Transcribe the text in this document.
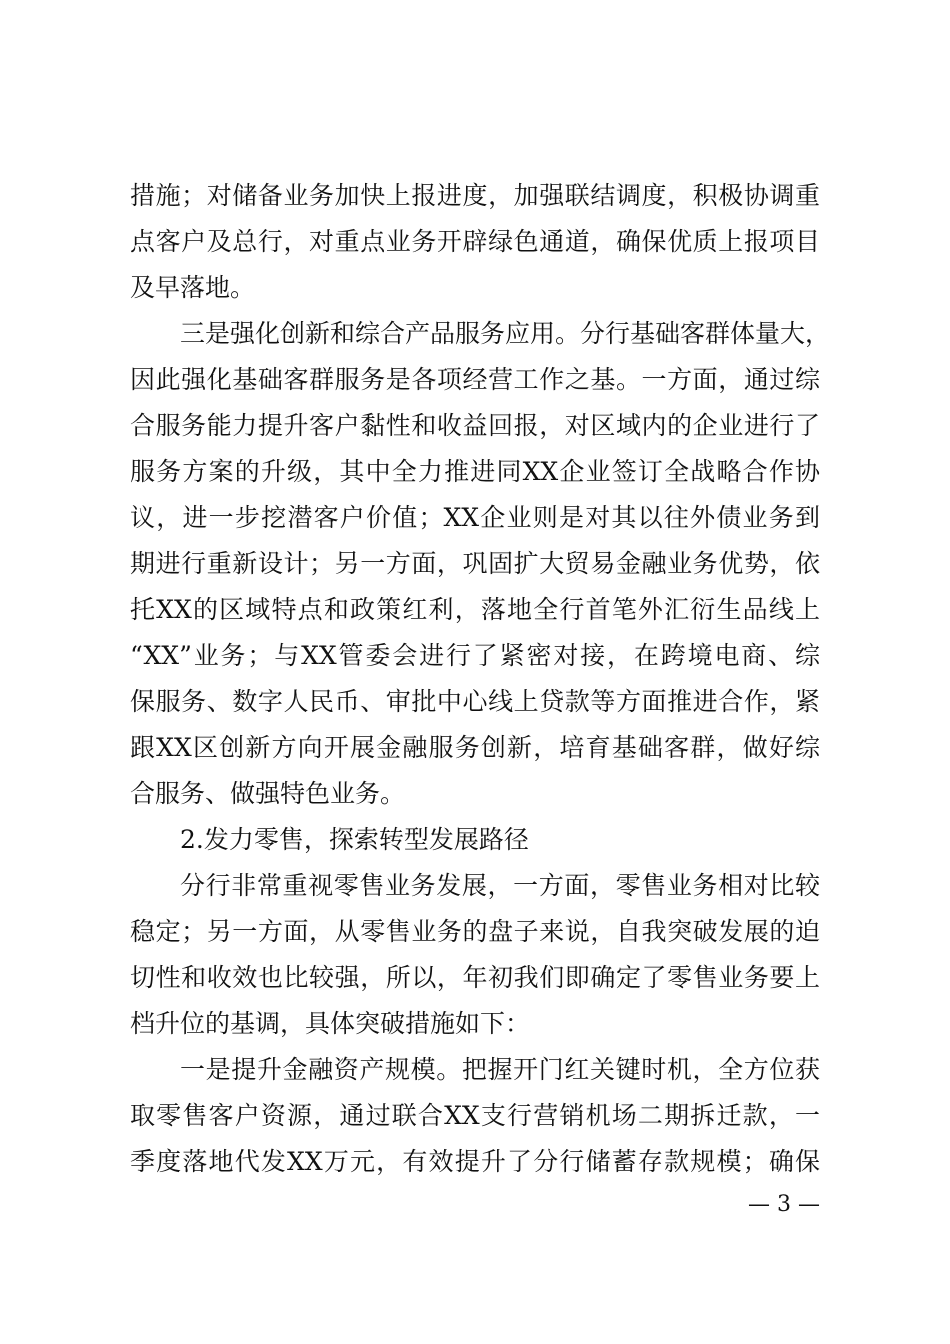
措施；对储备业务加快上报进度，加强联结调度，积极协调重
点客户及总行，对重点业务开辟绿色通道，确保优质上报项目
及早落地。
三是强化创新和综合产品服务应用。分行基础客群体量大，
因此强化基础客群服务是各项经营工作之基。一方面，通过综
合服务能力提升客户黏性和收益回报，对区域内的企业进行了
服务方案的升级，其中全力推进同XX企业签订全战略合作协
议，进一步挖潜客户价值；XX企业则是对其以往外债业务到
期进行重新设计；另一方面，巩固扩大贸易金融业务优势，依
托XX的区域特点和政策红利，落地全行首笔外汇衍生品线上
“XX”业务；与XX管委会进行了紧密对接，在跨境电商、综
保服务、数字人民币、审批中心线上贷款等方面推进合作，紧
跟XX区创新方向开展金融服务创新，培育基础客群，做好综
合服务、做强特色业务。
2.发力零售，探索转型发展路径
分行非常重视零售业务发展，一方面，零售业务相对比较
稳定；另一方面，从零售业务的盘子来说，自我突破发展的迫
切性和收效也比较强，所以，年初我们即确定了零售业务要上
档升位的基调，具体突破措施如下：
一是提升金融资产规模。把握开门红关键时机，全方位获
取零售客户资源，通过联合XX支行营销机场二期拆迁款，一
季度落地代发XX万元，有效提升了分行储蓄存款规模；确保
— 3 —
